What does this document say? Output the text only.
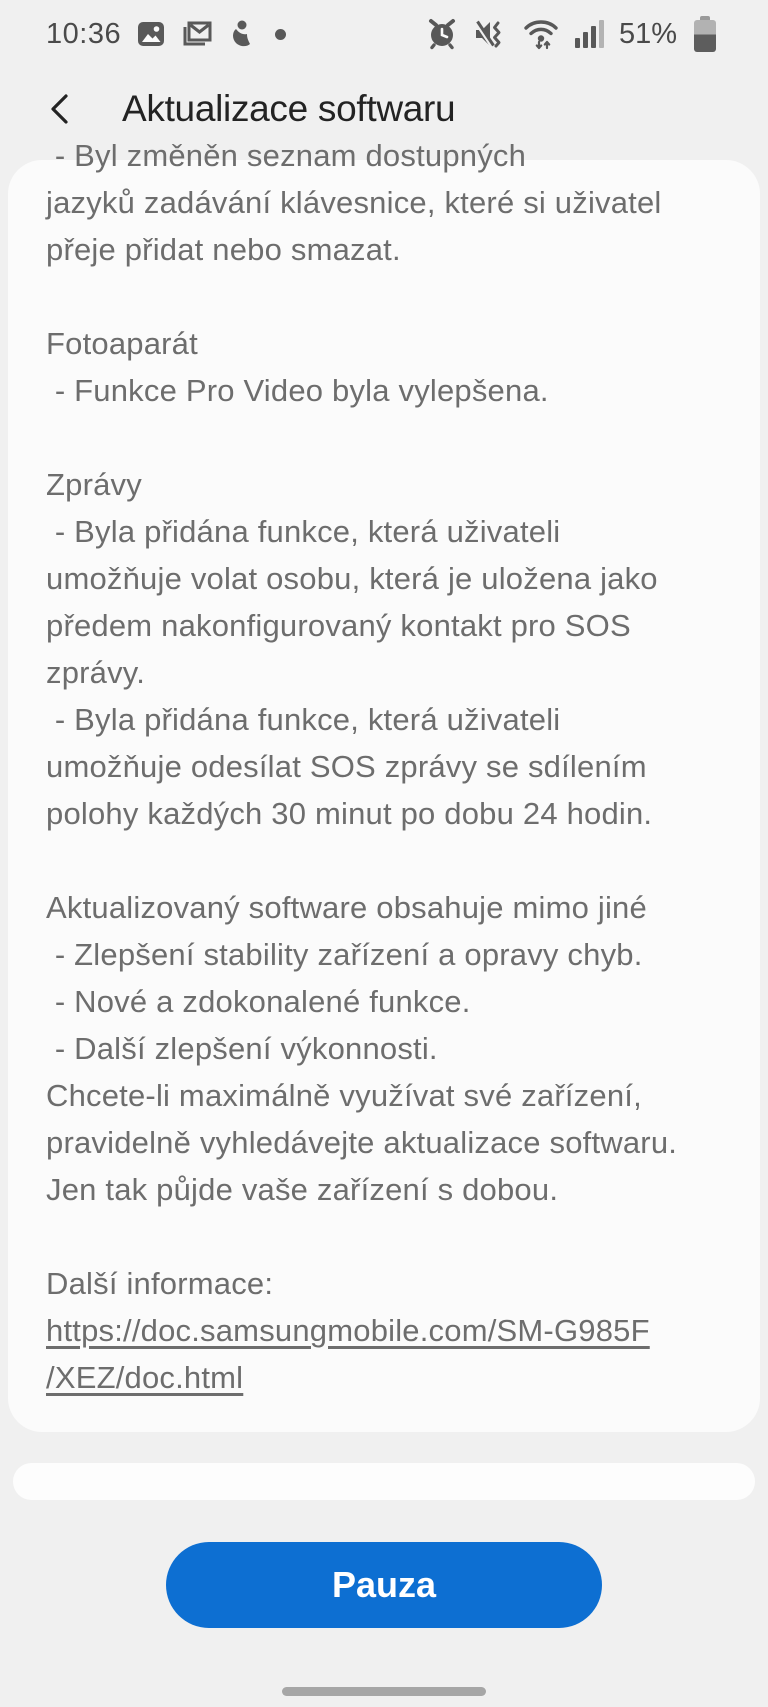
10:36	51%
Aktualizace softwaru
- Byl změněn seznam dostupných
jazyků zadávání klávesnice, které si uživatel
přeje přidat nebo smazat.
Fotoaparát
- Funkce Pro Video byla vylepšena.
Zprávy
- Byla přidána funkce, která uživateli
umožňuje volat osobu, která je uložena jako
předem nakonfigurovaný kontakt pro SOS
zprávy.
- Byla přidána funkce, která uživateli
umožňuje odesílat SOS zprávy se sdílením
polohy každých 30 minut po dobu 24 hodin.
Aktualizovaný software obsahuje mimo jiné
- Zlepšení stability zařízení a opravy chyb.
- Nové a zdokonalené funkce.
- Další zlepšení výkonnosti.
Chcete-li maximálně využívat své zařízení,
pravidelně vyhledávejte aktualizace softwaru.
Jen tak půjde vaše zařízení s dobou.
Další informace:
https://doc.samsungmobile.com/SM-G985F
/XEZ/doc.html
Pauza
